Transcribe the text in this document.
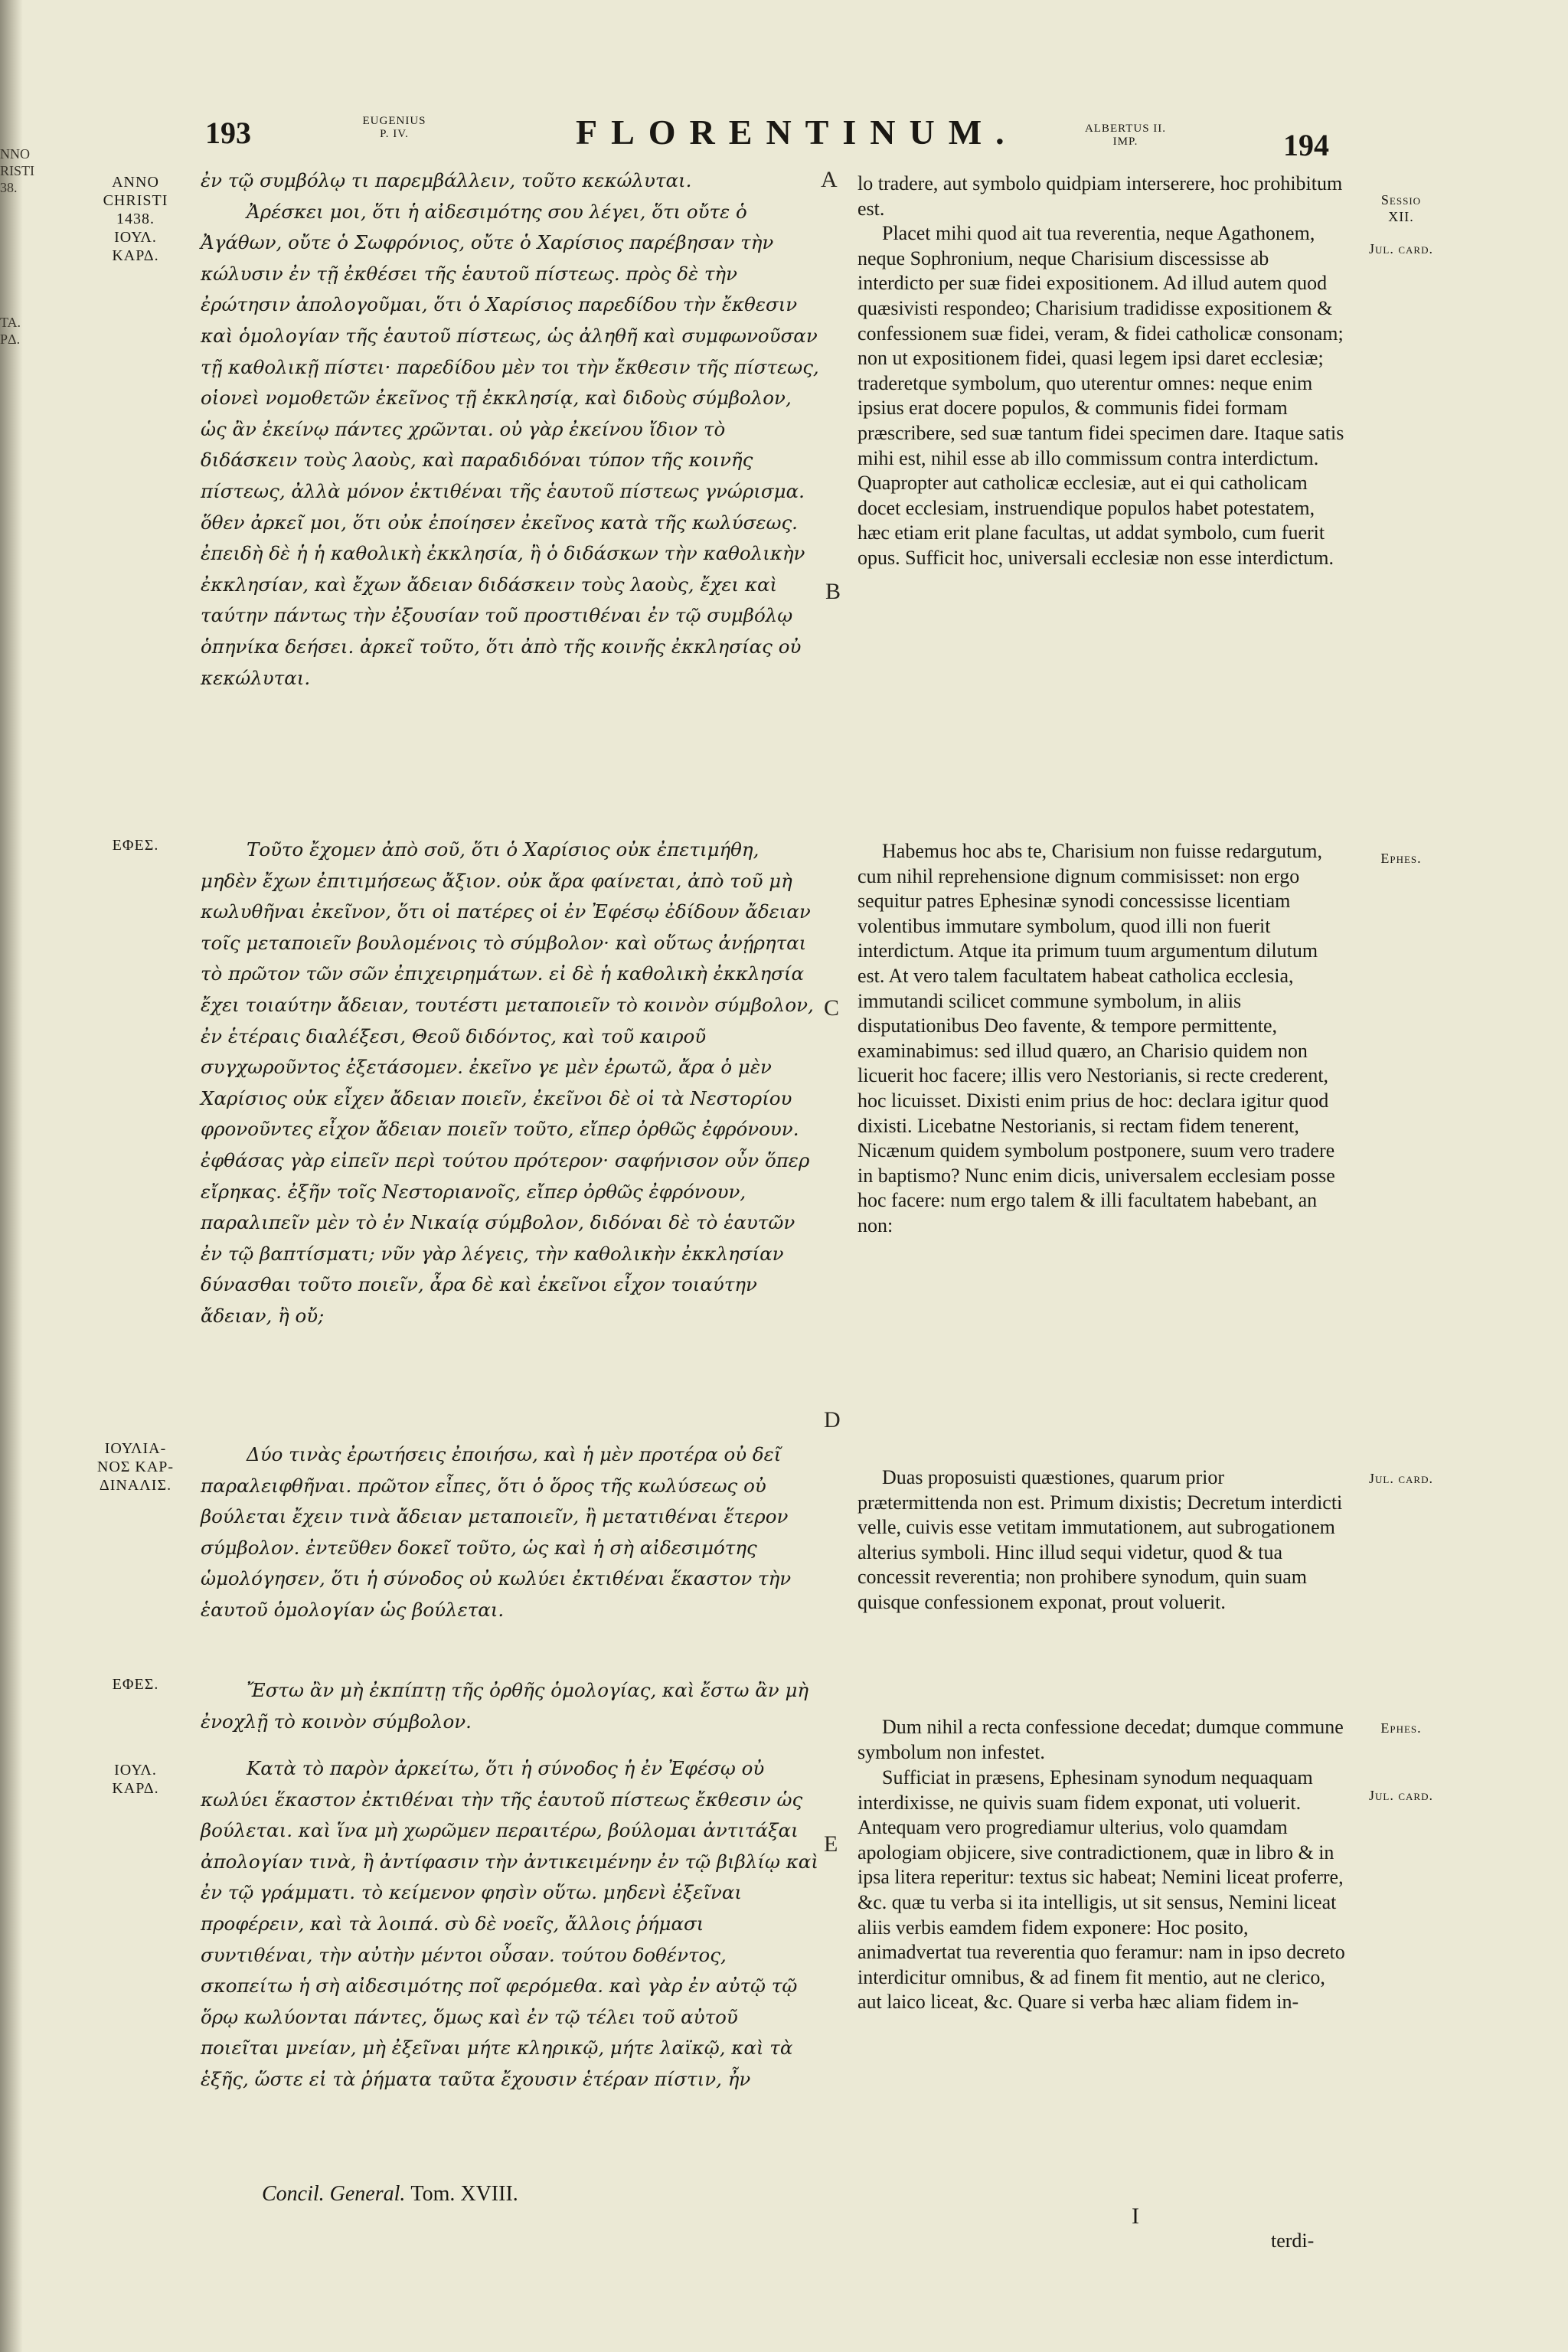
NNO
RISTI
38.

TA.
PΔ.
193	EUGENIUS
P. IV.	FLORENTINUM.	ALBERTUS II.
IMP.	194
ANNO
CHRISTI
1438.
ΙΟΥΛ.
ΚΑΡΔ.
ΕΦΕΣ.
ΙΟΥΛΙΑ-
ΝΟΣ ΚΑΡ-
ΔΙΝΑΛΙΣ.
ΕΦΕΣ.
ΙΟΥΛ.
ΚΑΡΔ.

ἐν τῷ συμβόλῳ τι παρεμβάλλειν, τοῦτο κεκώλυται.

Ἀρέσκει μοι, ὅτι ἡ αἰδεσιμότης σου λέγει, ὅτι οὔτε ὁ Ἀγάθων, οὔτε ὁ Σωφρόνιος, οὔτε ὁ Χαρίσιος παρέβησαν τὴν κώλυσιν ἐν τῇ ἐκθέσει τῆς ἑαυτοῦ πίστεως. πρὸς δὲ τὴν ἐρώτησιν ἀπολογοῦμαι, ὅτι ὁ Χαρίσιος παρεδίδου τὴν ἔκθεσιν καὶ ὁμολογίαν τῆς ἑαυτοῦ πίστεως, ὡς ἀληθῆ καὶ συμφωνοῦσαν τῇ καθολικῇ πίστει· παρεδίδου μὲν τοι τὴν ἔκθεσιν τῆς πίστεως, οἱονεὶ νομοθετῶν ἐκεῖνος τῇ ἐκκλησίᾳ, καὶ διδοὺς σύμβολον, ὡς ἂν ἐκείνῳ πάντες χρῶνται. οὐ γὰρ ἐκείνου ἴδιον τὸ διδάσκειν τοὺς λαοὺς, καὶ παραδιδόναι τύπον τῆς κοινῆς πίστεως, ἀλλὰ μόνον ἐκτιθέναι τῆς ἑαυτοῦ πίστεως γνώρισμα. ὅθεν ἀρκεῖ μοι, ὅτι οὐκ ἐποίησεν ἐκεῖνος κατὰ τῆς κωλύσεως. ἐπειδὴ δὲ ἡ ἡ καθολικὴ ἐκκλησία, ἢ ὁ διδάσκων τὴν καθολικὴν ἐκκλησίαν, καὶ ἔχων ἄδειαν διδάσκειν τοὺς λαοὺς, ἔχει καὶ ταύτην πάντως τὴν ἐξουσίαν τοῦ προστιθέναι ἐν τῷ συμβόλῳ ὁπηνίκα δεήσει. ἀρκεῖ τοῦτο, ὅτι ἀπὸ τῆς κοινῆς ἐκκλησίας οὐ κεκώλυται.

Τοῦτο ἔχομεν ἀπὸ σοῦ, ὅτι ὁ Χαρίσιος οὐκ ἐπετιμήθη, μηδὲν ἔχων ἐπιτιμήσεως ἄξιον. οὐκ ἄρα φαίνεται, ἀπὸ τοῦ μὴ κωλυθῆναι ἐκεῖνον, ὅτι οἱ πατέρες οἱ ἐν Ἐφέσῳ ἐδίδουν ἄδειαν τοῖς μεταποιεῖν βουλομένοις τὸ σύμβολον· καὶ οὕτως ἀνῄρηται τὸ πρῶτον τῶν σῶν ἐπιχειρημάτων. εἰ δὲ ἡ καθολικὴ ἐκκλησία ἔχει τοιαύτην ἄδειαν, τουτέστι μεταποιεῖν τὸ κοινὸν σύμβολον, ἐν ἑτέραις διαλέξεσι, Θεοῦ διδόντος, καὶ τοῦ καιροῦ συγχωροῦντος ἐξετάσομεν. ἐκεῖνο γε μὲν ἐρωτῶ, ἄρα ὁ μὲν Χαρίσιος οὐκ εἶχεν ἄδειαν ποιεῖν, ἐκεῖνοι δὲ οἱ τὰ Νεστορίου φρονοῦντες εἶχον ἄδειαν ποιεῖν τοῦτο, εἴπερ ὀρθῶς ἐφρόνουν. ἐφθάσας γὰρ εἰπεῖν περὶ τούτου πρότερον· σαφήνισον οὖν ὅπερ εἴρηκας. ἐξῆν τοῖς Νεστοριανοῖς, εἴπερ ὀρθῶς ἐφρόνουν, παραλιπεῖν μὲν τὸ ἐν Νικαίᾳ σύμβολον, διδόναι δὲ τὸ ἑαυτῶν ἐν τῷ βαπτίσματι; νῦν γὰρ λέγεις, τὴν καθολικὴν ἐκκλησίαν δύνασθαι τοῦτο ποιεῖν, ἆρα δὲ καὶ ἐκεῖνοι εἶχον τοιαύτην ἄδειαν, ἢ οὔ;
Δύο τινὰς ἐρωτήσεις ἐποιήσω, καὶ ἡ μὲν προτέρα οὐ δεῖ παραλειφθῆναι. πρῶτον εἶπες, ὅτι ὁ ὅρος τῆς κωλύσεως οὐ βούλεται ἔχειν τινὰ ἄδειαν μεταποιεῖν, ἢ μετατιθέναι ἕτερον σύμβολον. ἐντεῦθεν δοκεῖ τοῦτο, ὡς καὶ ἡ σὴ αἰδεσιμότης ὡμολόγησεν, ὅτι ἡ σύνοδος οὐ κωλύει ἐκτιθέναι ἕκαστον τὴν ἑαυτοῦ ὁμολογίαν ὡς βούλεται.
Ἔστω ἂν μὴ ἐκπίπτῃ τῆς ὀρθῆς ὁμολογίας, καὶ ἔστω ἂν μὴ ἐνοχλῇ τὸ κοινὸν σύμβολον.
Κατὰ τὸ παρὸν ἀρκείτω, ὅτι ἡ σύνοδος ἡ ἐν Ἐφέσῳ οὐ κωλύει ἕκαστον ἐκτιθέναι τὴν τῆς ἑαυτοῦ πίστεως ἔκθεσιν ὡς βούλεται. καὶ ἵνα μὴ χωρῶμεν περαιτέρω, βούλομαι ἀντιτάξαι ἀπολογίαν τινὰ, ἢ ἀντίφασιν τὴν ἀντικειμένην ἐν τῷ βιβλίῳ καὶ ἐν τῷ γράμματι. τὸ κείμενον φησὶν οὕτω. μηδενὶ ἐξεῖναι προφέρειν, καὶ τὰ λοιπά. σὺ δὲ νοεῖς, ἄλλοις ῥήμασι συντιθέναι, τὴν αὐτὴν μέντοι οὖσαν. τούτου δοθέντος, σκοπείτω ἡ σὴ αἰδεσιμότης ποῖ φερόμεθα. καὶ γὰρ ἐν αὐτῷ τῷ ὅρῳ κωλύονται πάντες, ὅμως καὶ ἐν τῷ τέλει τοῦ αὐτοῦ ποιεῖται μνείαν, μὴ ἐξεῖναι μήτε κληρικῷ, μήτε λαϊκῷ, καὶ τὰ ἑξῆς, ὥστε εἰ τὰ ῥήματα ταῦτα ἔχουσιν ἑτέραν πίστιν, ἦν
A
B
C
D
E

lo tradere, aut symbolo quidpiam interserere, hoc prohibitum est.

Placet mihi quod ait tua reverentia, neque Agathonem, neque Sophronium, neque Charisium discessisse ab interdicto per suæ fidei expositionem. Ad illud autem quod quæsivisti respondeo; Charisium tradidisse expositionem & confessionem suæ fidei, veram, & fidei catholicæ consonam; non ut expositionem fidei, quasi legem ipsi daret ecclesiæ; traderetque symbolum, quo uterentur omnes: neque enim ipsius erat docere populos, & communis fidei formam præscribere, sed suæ tantum fidei specimen dare. Itaque satis mihi est, nihil esse ab illo commissum contra interdictum. Quapropter aut catholicæ ecclesiæ, aut ei qui catholicam docet ecclesiam, instruendique populos habet potestatem, hæc etiam erit plane facultas, ut addat symbolo, cum fuerit opus. Sufficit hoc, universali ecclesiæ non esse interdictum.

Habemus hoc abs te, Charisium non fuisse redargutum, cum nihil reprehensione dignum commisisset: non ergo sequitur patres Ephesinæ synodi concessisse licentiam volentibus immutare symbolum, quod illi non fuerit interdictum. Atque ita primum tuum argumentum dilutum est. At vero talem facultatem habeat catholica ecclesia, immutandi scilicet commune symbolum, in aliis disputationibus Deo favente, & tempore permittente, examinabimus: sed illud quæro, an Charisio quidem non licuerit hoc facere; illis vero Nestorianis, si recte crederent, hoc licuisset. Dixisti enim prius de hoc: declara igitur quod dixisti. Licebatne Nestorianis, si rectam fidem tenerent, Nicænum quidem symbolum postponere, suum vero tradere in baptismo? Nunc enim dicis, universalem ecclesiam posse hoc facere: num ergo talem & illi facultatem habebant, an non:
Duas proposuisti quæstiones, quarum prior prætermittenda non est. Primum dixistis; Decretum interdicti velle, cuivis esse vetitam immutationem, aut subrogationem alterius symboli. Hinc illud sequi videtur, quod & tua concessit reverentia; non prohibere synodum, quin suam quisque confessionem exponat, prout voluerit.
Dum nihil a recta confessione decedat; dumque commune symbolum non infestet.
Sufficiat in præsens, Ephesinam synodum nequaquam interdixisse, ne quivis suam fidem exponat, uti voluerit. Antequam vero progrediamur ulterius, volo quamdam apologiam objicere, sive contradictionem, quæ in libro & in ipsa litera reperitur: textus sic habeat; Nemini liceat proferre, &c. quæ tu verba si ita intelligis, ut sit sensus, Nemini liceat aliis verbis eamdem fidem exponere: Hoc posito, animadvertat tua reverentia quo feramur: nam in ipso decreto interdicitur omnibus, & ad finem fit mentio, aut ne clerico, aut laico liceat, &c. Quare si verba hæc aliam fidem in-
Sessio
XII.
Jul. card.
Ephes.
Jul. card.
Ephes.
Jul. card.
Concil. General. Tom. XVIII.
I
terdi-
